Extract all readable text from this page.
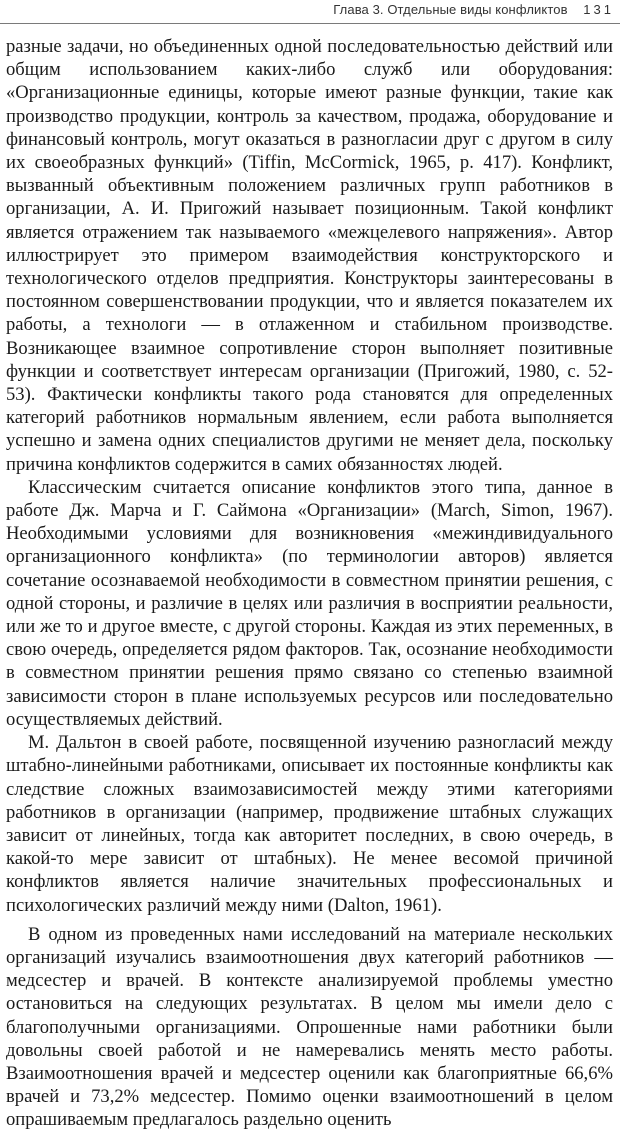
Глава 3. Отдельные виды конфликтов 131

разные задачи, но объединенных одной последовательностью действий или общим использованием каких-либо служб или оборудования: «Организационные единицы, которые имеют разные функции, такие как производство продукции, контроль за качеством, продажа, оборудование и финансовый контроль, могут оказаться в разногласии друг с другом в силу их своеобразных функций» (Tiffin, McCormick, 1965, p. 417). Конфликт, вызванный объективным положением различных групп работников в организации, А. И. Пригожий называет позиционным. Такой конфликт является отражением так называемого «межцелевого напряжения». Автор иллюстрирует это примером взаимодействия конструкторского и технологического отделов предприятия. Конструкторы заинтересованы в постоянном совершенствовании продукции, что и является показателем их работы, а технологи — в отлаженном и стабильном производстве. Возникающее взаимное сопротивление сторон выполняет позитивные функции и соответствует интересам организации (Пригожий, 1980, с. 52-53). Фактически конфликты такого рода становятся для определенных категорий работников нормальным явлением, если работа выполняется успешно и замена одних специалистов другими не меняет дела, поскольку причина конфликтов содержится в самих обязанностях людей.

Классическим считается описание конфликтов этого типа, данное в работе Дж. Марча и Г. Саймона «Организации» (March, Simon, 1967). Необходимыми условиями для возникновения «межиндивидуального организационного конфликта» (по терминологии авторов) является сочетание осознаваемой необходимости в совместном принятии решения, с одной стороны, и различие в целях или различия в восприятии реальности, или же то и другое вместе, с другой стороны. Каждая из этих переменных, в свою очередь, определяется рядом факторов. Так, осознание необходимости в совместном принятии решения прямо связано со степенью взаимной зависимости сторон в плане используемых ресурсов или последовательно осуществляемых действий.

М. Дальтон в своей работе, посвященной изучению разногласий между штабно-линейными работниками, описывает их постоянные конфликты как следствие сложных взаимозависимостей между этими категориями работников в организации (например, продвижение штабных служащих зависит от линейных, тогда как авторитет последних, в свою очередь, в какой-то мере зависит от штабных). Не менее весомой причиной конфликтов является наличие значительных профессиональных и психологических различий между ними (Dalton, 1961).

В одном из проведенных нами исследований на материале нескольких организаций изучались взаимоотношения двух категорий работников — медсестер и врачей. В контексте анализируемой проблемы уместно остановиться на следующих результатах. В целом мы имели дело с благополучными организациями. Опрошенные нами работники были довольны своей работой и не намеревались менять место работы. Взаимоотношения врачей и медсестер оценили как благоприятные 66,6% врачей и 73,2% медсестер. Помимо оценки взаимоотношений в целом опрашиваемым предлагалось раздельно оценить
